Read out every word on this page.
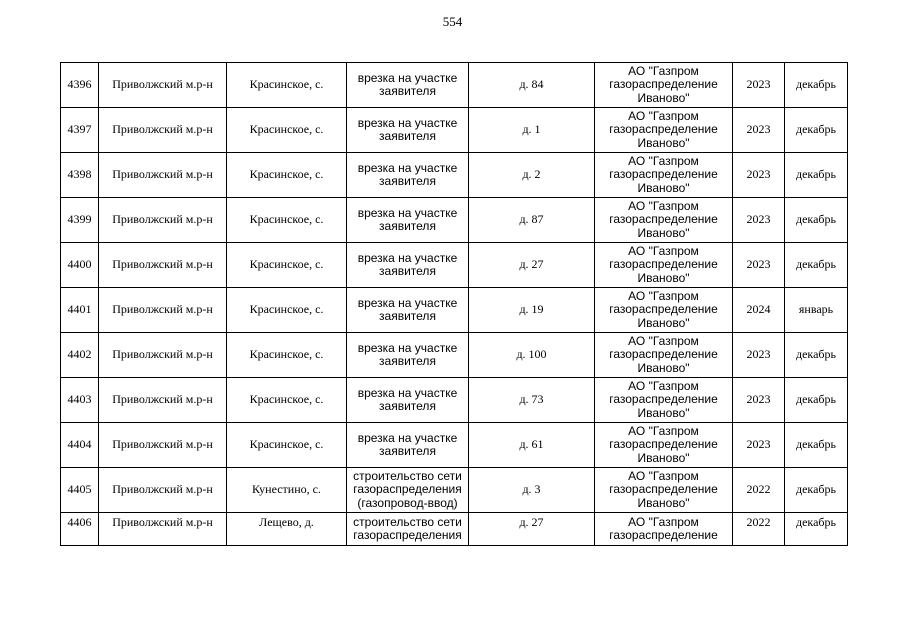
554
4396	Приволжский м.р-н	Красинское, с.	врезка на участке заявителя	д. 84	АО "Газпром газораспределение Иваново"	2023	декабрь
4397	Приволжский м.р-н	Красинское, с.	врезка на участке заявителя	д. 1	АО "Газпром газораспределение Иваново"	2023	декабрь
4398	Приволжский м.р-н	Красинское, с.	врезка на участке заявителя	д. 2	АО "Газпром газораспределение Иваново"	2023	декабрь
4399	Приволжский м.р-н	Красинское, с.	врезка на участке заявителя	д. 87	АО "Газпром газораспределение Иваново"	2023	декабрь
4400	Приволжский м.р-н	Красинское, с.	врезка на участке заявителя	д. 27	АО "Газпром газораспределение Иваново"	2023	декабрь
4401	Приволжский м.р-н	Красинское, с.	врезка на участке заявителя	д. 19	АО "Газпром газораспределение Иваново"	2024	январь
4402	Приволжский м.р-н	Красинское, с.	врезка на участке заявителя	д. 100	АО "Газпром газораспределение Иваново"	2023	декабрь
4403	Приволжский м.р-н	Красинское, с.	врезка на участке заявителя	д. 73	АО "Газпром газораспределение Иваново"	2023	декабрь
4404	Приволжский м.р-н	Красинское, с.	врезка на участке заявителя	д. 61	АО "Газпром газораспределение Иваново"	2023	декабрь
4405	Приволжский м.р-н	Кунестино, с.	строительство сети газораспределения (газопровод-ввод)	д. 3	АО "Газпром газораспределение Иваново"	2022	декабрь
4406	Приволжский м.р-н	Лещево, д.	строительство сети газораспределения	д. 27	АО "Газпром газораспределение	2022	декабрь
